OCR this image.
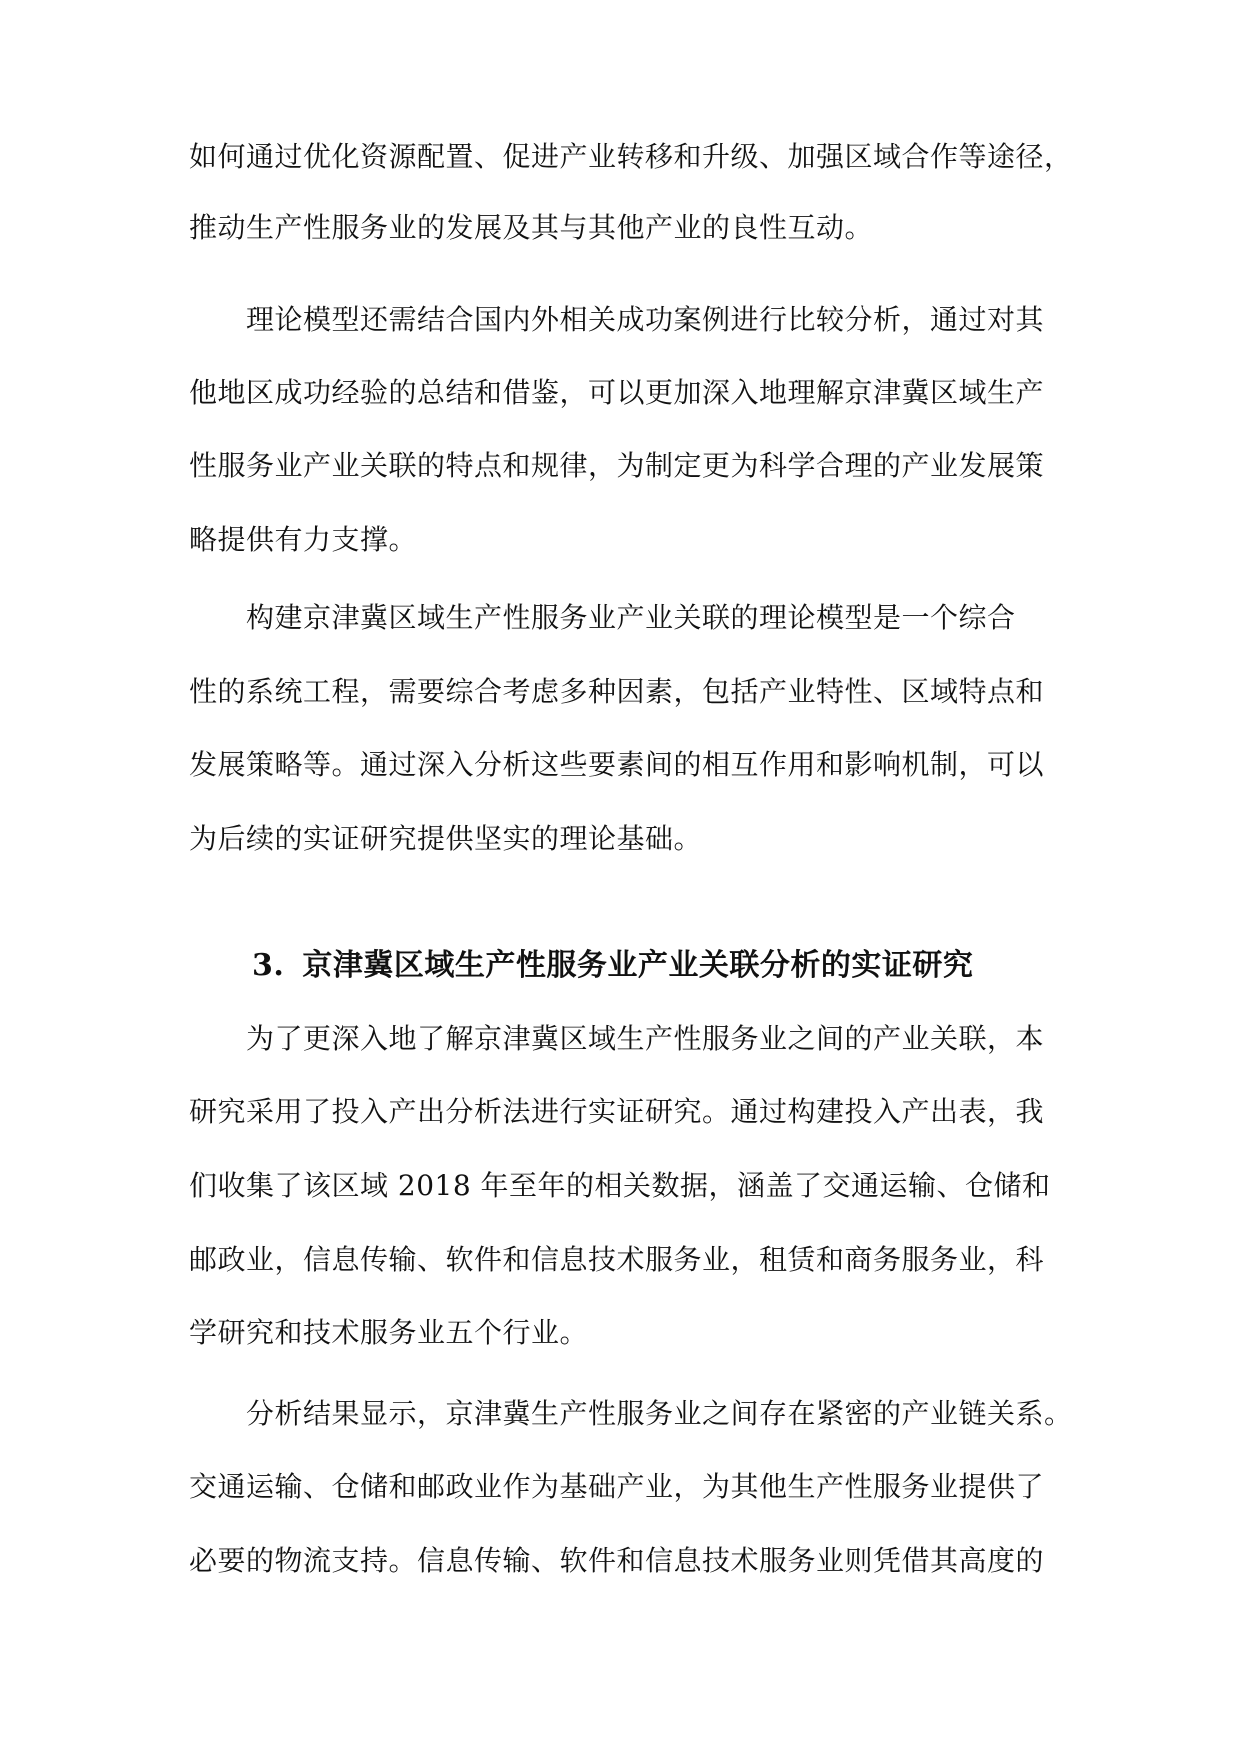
如何通过优化资源配置、促进产业转移和升级、加强区域合作等途径，
推动生产性服务业的发展及其与其他产业的良性互动。
理论模型还需结合国内外相关成功案例进行比较分析，通过对其
他地区成功经验的总结和借鉴，可以更加深入地理解京津冀区域生产
性服务业产业关联的特点和规律，为制定更为科学合理的产业发展策
略提供有力支撑。
构建京津冀区域生产性服务业产业关联的理论模型是一个综合
性的系统工程，需要综合考虑多种因素，包括产业特性、区域特点和
发展策略等。通过深入分析这些要素间的相互作用和影响机制，可以
为后续的实证研究提供坚实的理论基础。
3. 京津冀区域生产性服务业产业关联分析的实证研究
为了更深入地了解京津冀区域生产性服务业之间的产业关联，本
研究采用了投入产出分析法进行实证研究。通过构建投入产出表，我
们收集了该区域 2018 年至年的相关数据，涵盖了交通运输、仓储和
邮政业，信息传输、软件和信息技术服务业，租赁和商务服务业，科
学研究和技术服务业五个行业。
分析结果显示，京津冀生产性服务业之间存在紧密的产业链关系。
交通运输、仓储和邮政业作为基础产业，为其他生产性服务业提供了
必要的物流支持。信息传输、软件和信息技术服务业则凭借其高度的
